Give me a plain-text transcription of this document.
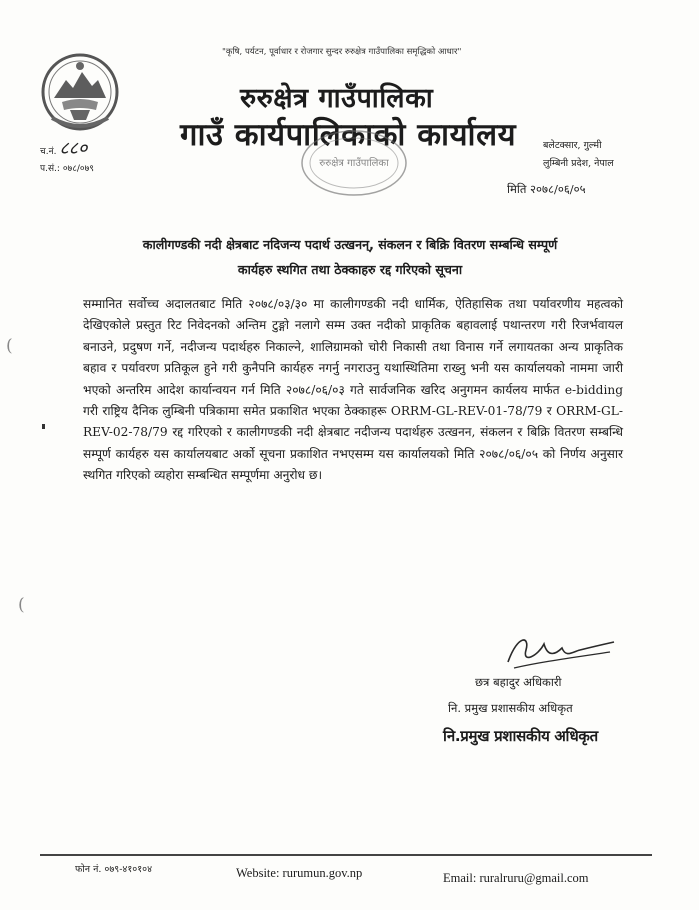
"कृषि, पर्यटन, पूर्वाधार र रोजगार सुन्दर रुरुक्षेत्र गाउँपालिका समृद्धिको आधार"
रुरुक्षेत्र गाउँपालिका
गाउँ कार्यपालिकाको कार्यालय
रुरुक्षेत्र गाउँपालिका
च.नं. ८८०
प.सं.: ०७८/०७९
बलेटक्सार, गुल्मी
लुम्बिनी प्रदेश, नेपाल
मिति २०७८/०६/०५
कालीगण्डकी नदी क्षेत्रबाट नदिजन्य पदार्थ उत्खनन्, संकलन र बिक्रि वितरण सम्बन्धि सम्पूर्ण
कार्यहरु स्थगित तथा ठेक्काहरु रद्द गरिएको सूचना
(
(
सम्मानित सर्वोच्च अदालतबाट मिति २०७८/०३/३० मा कालीगण्डकी नदी धार्मिक, ऐतिहासिक तथा पर्यावरणीय महत्वको देखिएकोले प्रस्तुत रिट निवेदनको अन्तिम टुङ्गो नलागे सम्म उक्त नदीको प्राकृतिक बहावलाई पथान्तरण गरी रिजर्भवायल बनाउने, प्रदुषण गर्ने, नदीजन्य पदार्थहरु निकाल्ने, शालिग्रामको चोरी निकासी तथा विनास गर्ने लगायतका अन्य प्राकृतिक बहाव र पर्यावरण प्रतिकूल हुने गरी कुनैपनि कार्यहरु नगर्नु नगराउनु यथास्थितिमा राख्नु भनी यस कार्यालयको नाममा जारी भएको अन्तरिम आदेश कार्यान्वयन गर्न मिति २०७८/०६/०३ गते सार्वजनिक खरिद अनुगमन कार्यलय मार्फत e-bidding गरी राष्ट्रिय दैनिक लुम्बिनी पत्रिकामा समेत प्रकाशित भएका ठेक्काहरू ORRM-GL-REV-01-78/79 र ORRM-GL-REV-02-78/79 रद्द गरिएको र कालीगण्डकी नदी क्षेत्रबाट नदीजन्य पदार्थहरु उत्खनन, संकलन र बिक्रि वितरण सम्बन्धि सम्पूर्ण कार्यहरु यस कार्यालयबाट अर्को सूचना प्रकाशित नभएसम्म यस कार्यालयको मिति २०७८/०६/०५ को निर्णय अनुसार स्थगित गरिएको व्यहोरा सम्बन्धित सम्पूर्णमा अनुरोध छ।
छत्र बहादुर अधिकारी
नि. प्रमुख प्रशासकीय अधिकृत
नि.प्रमुख प्रशासकीय अधिकृत
फोन नं. ०७९-४१०१०४	Website: rurumun.gov.np	Email: ruralruru@gmail.com
